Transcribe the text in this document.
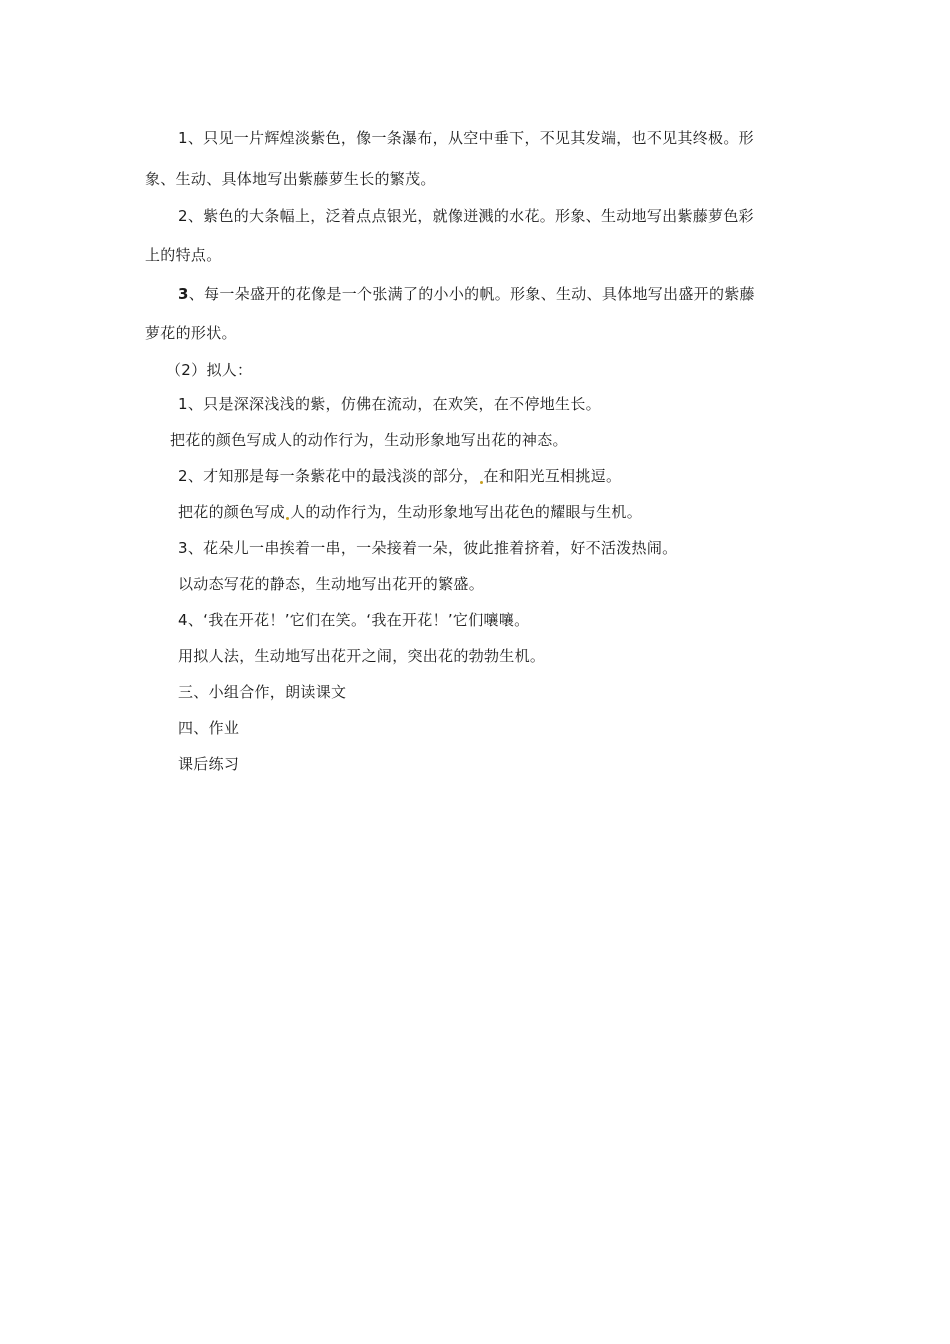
1、只见一片辉煌淡紫色，像一条瀑布，从空中垂下，不见其发端，也不见其终极。形
象、生动、具体地写出紫藤萝生长的繁茂。
2、紫色的大条幅上，泛着点点银光，就像迸溅的水花。形象、生动地写出紫藤萝色彩
上的特点。
3、每一朵盛开的花像是一个张满了的小小的帆。形象、生动、具体地写出盛开的紫藤
萝花的形状。
（2）拟人：
1、只是深深浅浅的紫，仿佛在流动，在欢笑，在不停地生长。
把花的颜色写成人的动作行为，生动形象地写出花的神态。
2、才知那是每一条紫花中的最浅淡的部分， 在和阳光互相挑逗。
把花的颜色写成 人的动作行为，生动形象地写出花色的耀眼与生机。
3、花朵儿一串挨着一串，一朵接着一朵，彼此推着挤着，好不活泼热闹。
以动态写花的静态，生动地写出花开的繁盛。
4、‘我在开花！’它们在笑。‘我在开花！’它们嚷嚷。
用拟人法，生动地写出花开之闹，突出花的勃勃生机。
三、小组合作，朗读课文
四、作业
课后练习
